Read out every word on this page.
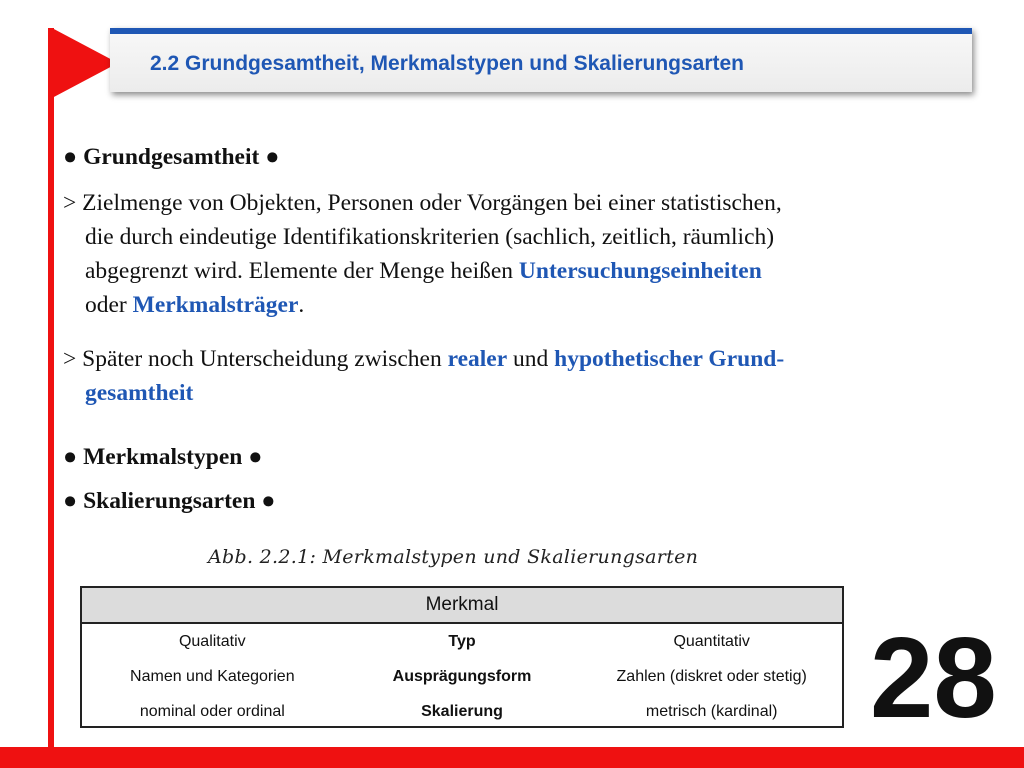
2.2 Grundgesamtheit, Merkmalstypen und Skalierungsarten
● Grundgesamtheit ●
> Zielmenge von Objekten, Personen oder Vorgängen bei einer statistischen,
die durch eindeutige Identifikationskriterien (sachlich, zeitlich, räumlich)
abgegrenzt wird. Elemente der Menge heißen Untersuchungseinheiten
oder Merkmalsträger.
> Später noch Unterscheidung zwischen realer und hypothetischer Grund-
gesamtheit
● Merkmalstypen ●
● Skalierungsarten ●
Abb. 2.2.1: Merkmalstypen und Skalierungsarten
Merkmal
Qualitativ	Typ	Quantitativ
Namen und Kategorien	Ausprägungsform	Zahlen (diskret oder stetig)
nominal oder ordinal	Skalierung	metrisch (kardinal) 28
